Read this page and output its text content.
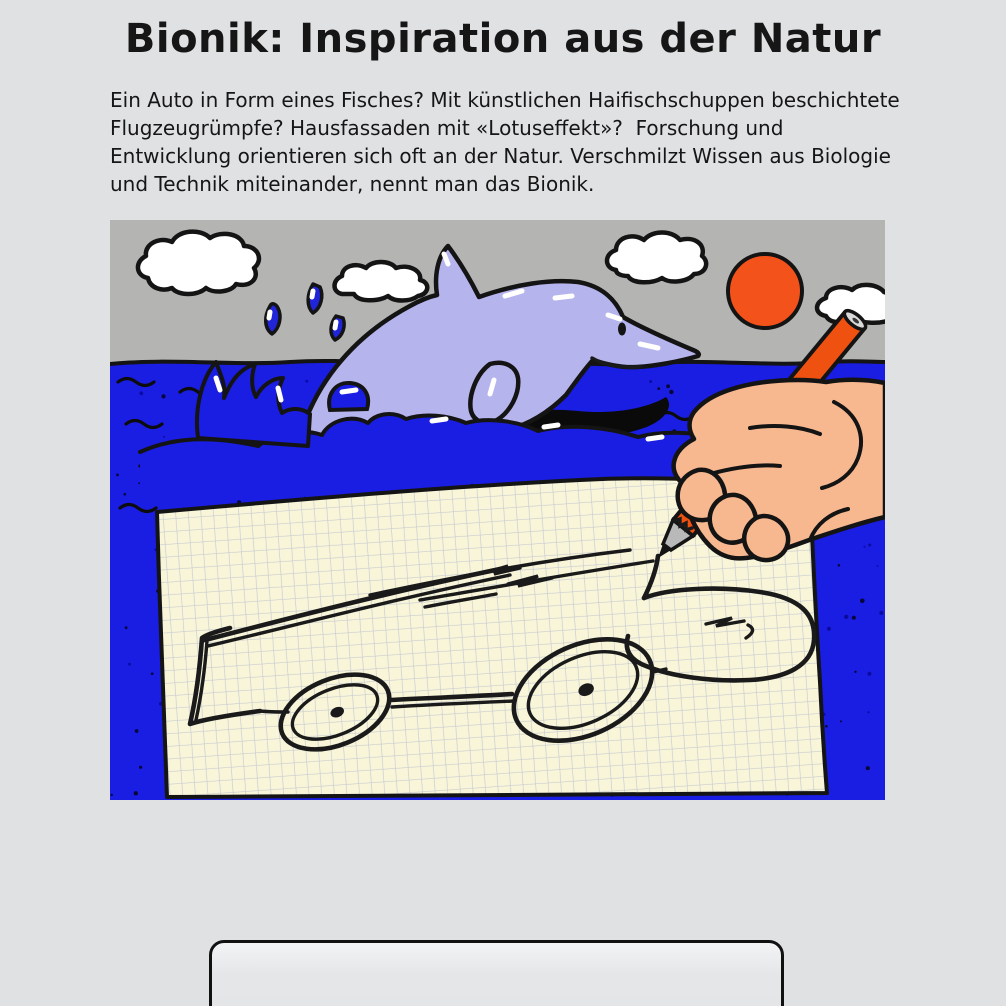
Bionik: Inspiration aus der Natur

Ein Auto in Form eines Fisches? Mit künstlichen Haifischschuppen beschichtete Flugzeugrümpfe? Hausfassaden mit «Lotuseffekt»?  Forschung und Entwicklung orientieren sich oft an der Natur. Verschmilzt Wissen aus Biologie und Technik miteinander, nennt man das Bionik.
